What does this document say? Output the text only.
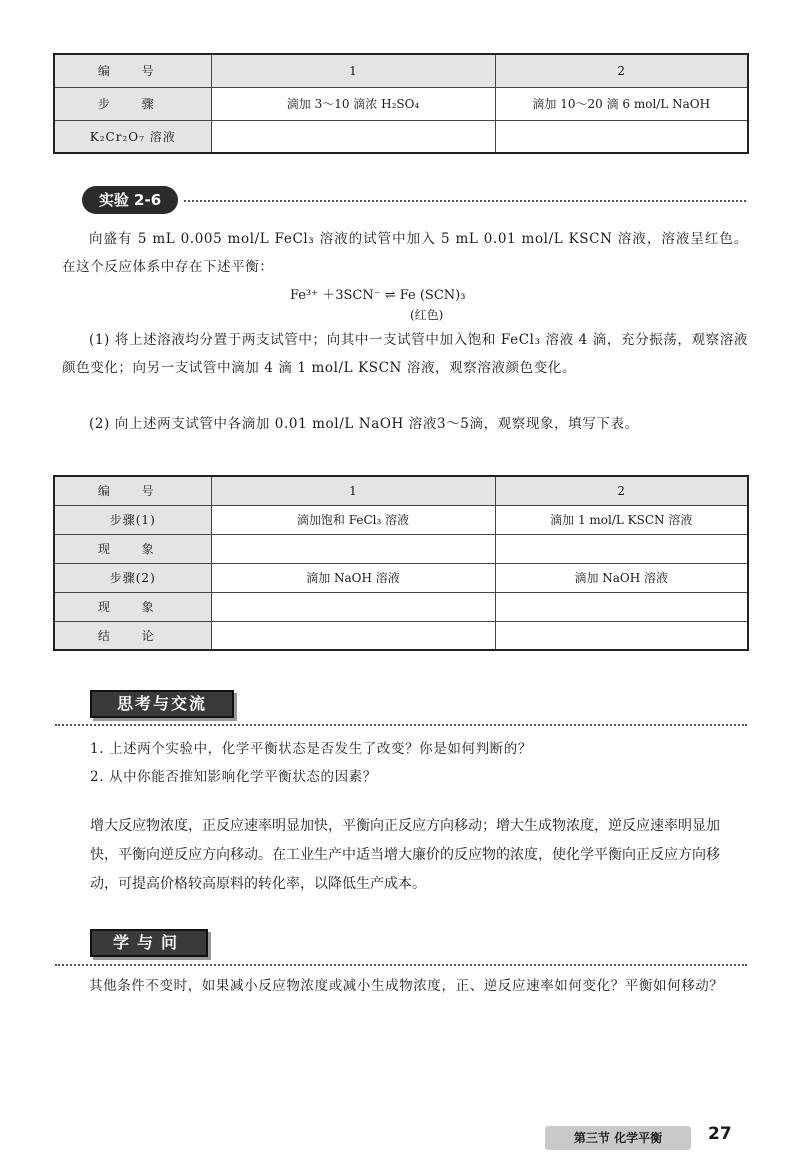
编 号	1	2
步 骤	滴加 3～10 滴浓 H₂SO₄	滴加 10～20 滴 6 mol/L NaOH
K₂Cr₂O₇ 溶液		
实验 2-6
向盛有 5 mL 0.005 mol/L FeCl₃ 溶液的试管中加入 5 mL 0.01 mol/L KSCN 溶液，溶液呈红色。在这个反应体系中存在下述平衡：
Fe³⁺ ＋3SCN⁻ ⇌ Fe (SCN)₃
(红色)
(1) 将上述溶液均分置于两支试管中；向其中一支试管中加入饱和 FeCl₃ 溶液 4 滴，充分振荡，观察溶液颜色变化；向另一支试管中滴加 4 滴 1 mol/L KSCN 溶液，观察溶液颜色变化。
(2) 向上述两支试管中各滴加 0.01 mol/L NaOH 溶液3～5滴，观察现象，填写下表。
编 号	1	2
步骤(1)	滴加饱和 FeCl₃ 溶液	滴加 1 mol/L KSCN 溶液
现 象		
步骤(2)	滴加 NaOH 溶液	滴加 NaOH 溶液
现 象		
结 论		
思考与交流
1. 上述两个实验中，化学平衡状态是否发生了改变？你是如何判断的？
2. 从中你能否推知影响化学平衡状态的因素？
增大反应物浓度，正反应速率明显加快，平衡向正反应方向移动；增大生成物浓度，逆反应速率明显加快，平衡向逆反应方向移动。在工业生产中适当增大廉价的反应物的浓度，使化学平衡向正反应方向移动，可提高价格较高原料的转化率，以降低生产成本。
学与问
其他条件不变时，如果减小反应物浓度或减小生成物浓度，正、逆反应速率如何变化？平衡如何移动？
第三节 化学平衡	27
